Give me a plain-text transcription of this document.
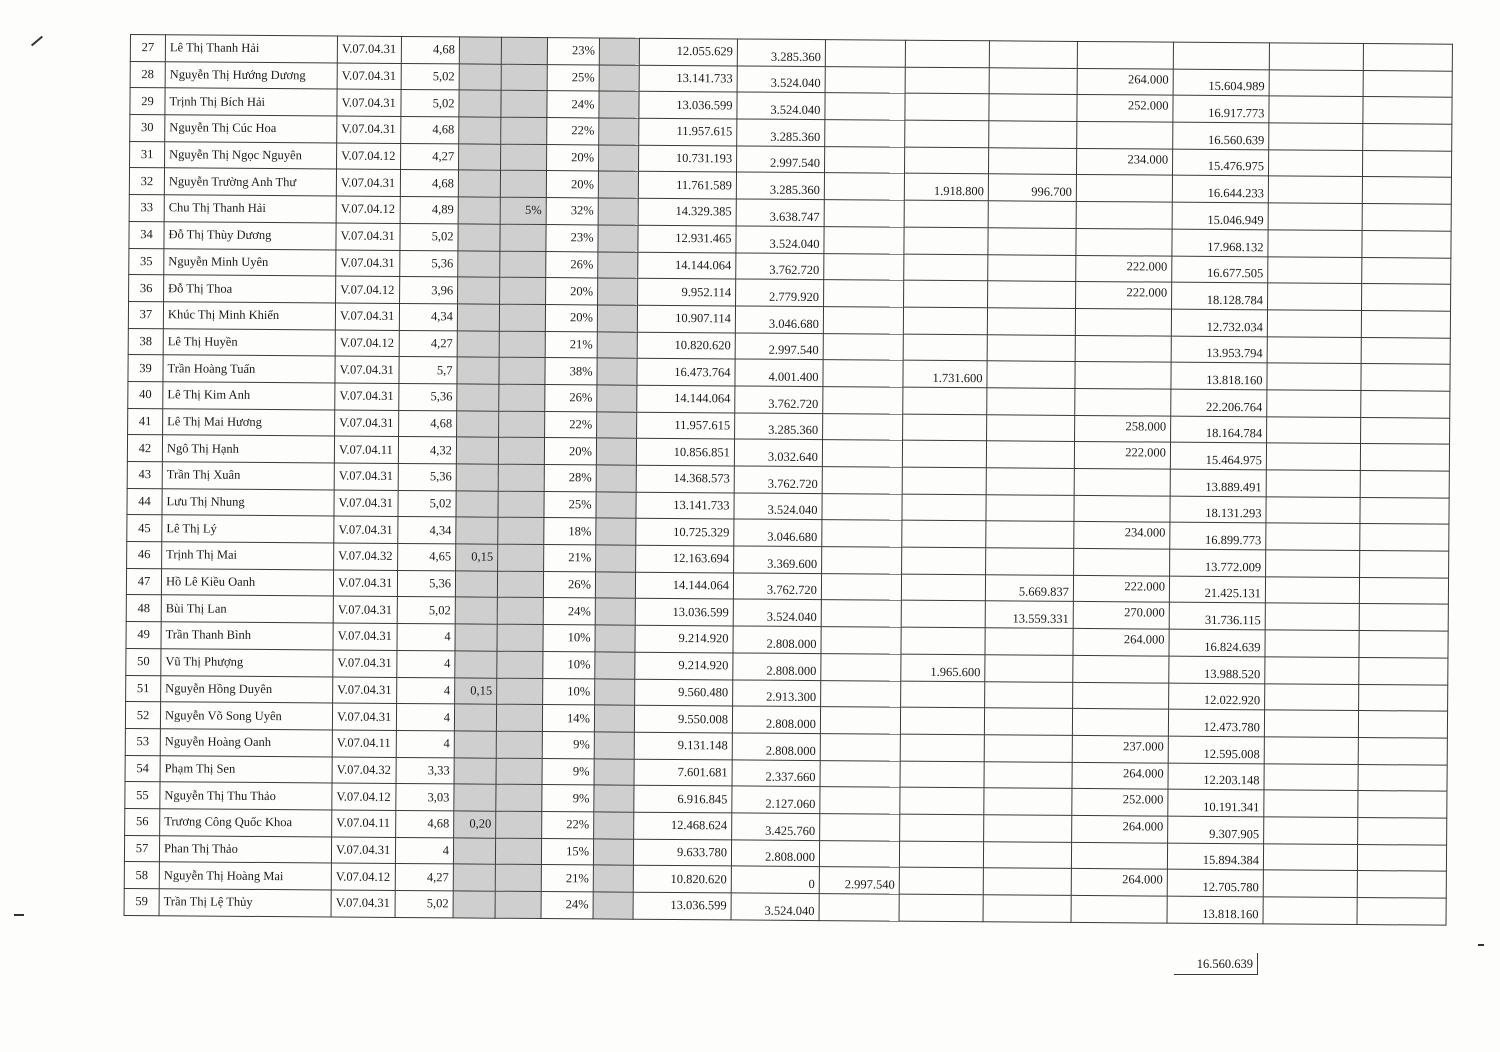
27	Lê Thị Thanh Hải	V.07.04.31	4,68			23%		12.055.629	3.285.360							
28	Nguyễn Thị Hướng Dương	V.07.04.31	5,02			25%		13.141.733	3.524.040				264.000	15.604.989		
29	Trịnh Thị Bích Hải	V.07.04.31	5,02			24%		13.036.599	3.524.040				252.000	16.917.773		
30	Nguyễn Thị Cúc Hoa	V.07.04.31	4,68			22%		11.957.615	3.285.360					16.560.639		
31	Nguyễn Thị Ngọc Nguyên	V.07.04.12	4,27			20%		10.731.193	2.997.540				234.000	15.476.975		
32	Nguyễn Trường Anh Thư	V.07.04.31	4,68			20%		11.761.589	3.285.360		1.918.800	996.700		16.644.233		
33	Chu Thị Thanh Hải	V.07.04.12	4,89		5%	32%		14.329.385	3.638.747					15.046.949		
34	Đỗ Thị Thùy Dương	V.07.04.31	5,02			23%		12.931.465	3.524.040					17.968.132		
35	Nguyễn Minh Uyên	V.07.04.31	5,36			26%		14.144.064	3.762.720				222.000	16.677.505		
36	Đỗ Thị Thoa	V.07.04.12	3,96			20%		9.952.114	2.779.920				222.000	18.128.784		
37	Khúc Thị Minh Khiển	V.07.04.31	4,34			20%		10.907.114	3.046.680					12.732.034		
38	Lê Thị Huyền	V.07.04.12	4,27			21%		10.820.620	2.997.540					13.953.794		
39	Trần Hoàng Tuấn	V.07.04.31	5,7			38%		16.473.764	4.001.400		1.731.600			13.818.160		
40	Lê Thị Kim Anh	V.07.04.31	5,36			26%		14.144.064	3.762.720					22.206.764		
41	Lê Thị Mai Hương	V.07.04.31	4,68			22%		11.957.615	3.285.360				258.000	18.164.784		
42	Ngô Thị Hạnh	V.07.04.11	4,32			20%		10.856.851	3.032.640				222.000	15.464.975		
43	Trần Thị Xuân	V.07.04.31	5,36			28%		14.368.573	3.762.720					13.889.491		
44	Lưu Thị Nhung	V.07.04.31	5,02			25%		13.141.733	3.524.040					18.131.293		
45	Lê Thị Lý	V.07.04.31	4,34			18%		10.725.329	3.046.680				234.000	16.899.773		
46	Trịnh Thị Mai	V.07.04.32	4,65	0,15		21%		12.163.694	3.369.600					13.772.009		
47	Hồ Lê Kiều Oanh	V.07.04.31	5,36			26%		14.144.064	3.762.720			5.669.837	222.000	21.425.131		
48	Bùi Thị Lan	V.07.04.31	5,02			24%		13.036.599	3.524.040			13.559.331	270.000	31.736.115		
49	Trần Thanh Bình	V.07.04.31	4			10%		9.214.920	2.808.000				264.000	16.824.639		
50	Vũ Thị Phượng	V.07.04.31	4			10%		9.214.920	2.808.000		1.965.600			13.988.520		
51	Nguyễn Hồng Duyên	V.07.04.31	4	0,15		10%		9.560.480	2.913.300					12.022.920		
52	Nguyễn Võ Song Uyên	V.07.04.31	4			14%		9.550.008	2.808.000					12.473.780		
53	Nguyễn Hoàng Oanh	V.07.04.11	4			9%		9.131.148	2.808.000				237.000	12.595.008		
54	Phạm Thị Sen	V.07.04.32	3,33			9%		7.601.681	2.337.660				264.000	12.203.148		
55	Nguyễn Thị Thu Thảo	V.07.04.12	3,03			9%		6.916.845	2.127.060				252.000	10.191.341		
56	Trương Công Quốc Khoa	V.07.04.11	4,68	0,20		22%		12.468.624	3.425.760				264.000	9.307.905		
57	Phan Thị Thảo	V.07.04.31	4			15%		9.633.780	2.808.000					15.894.384		
58	Nguyễn Thị Hoàng Mai	V.07.04.12	4,27			21%		10.820.620	0	2.997.540			264.000	12.705.780		
59	Trần Thị Lệ Thủy	V.07.04.31	5,02			24%		13.036.599	3.524.040					13.818.160		
16.560.639
